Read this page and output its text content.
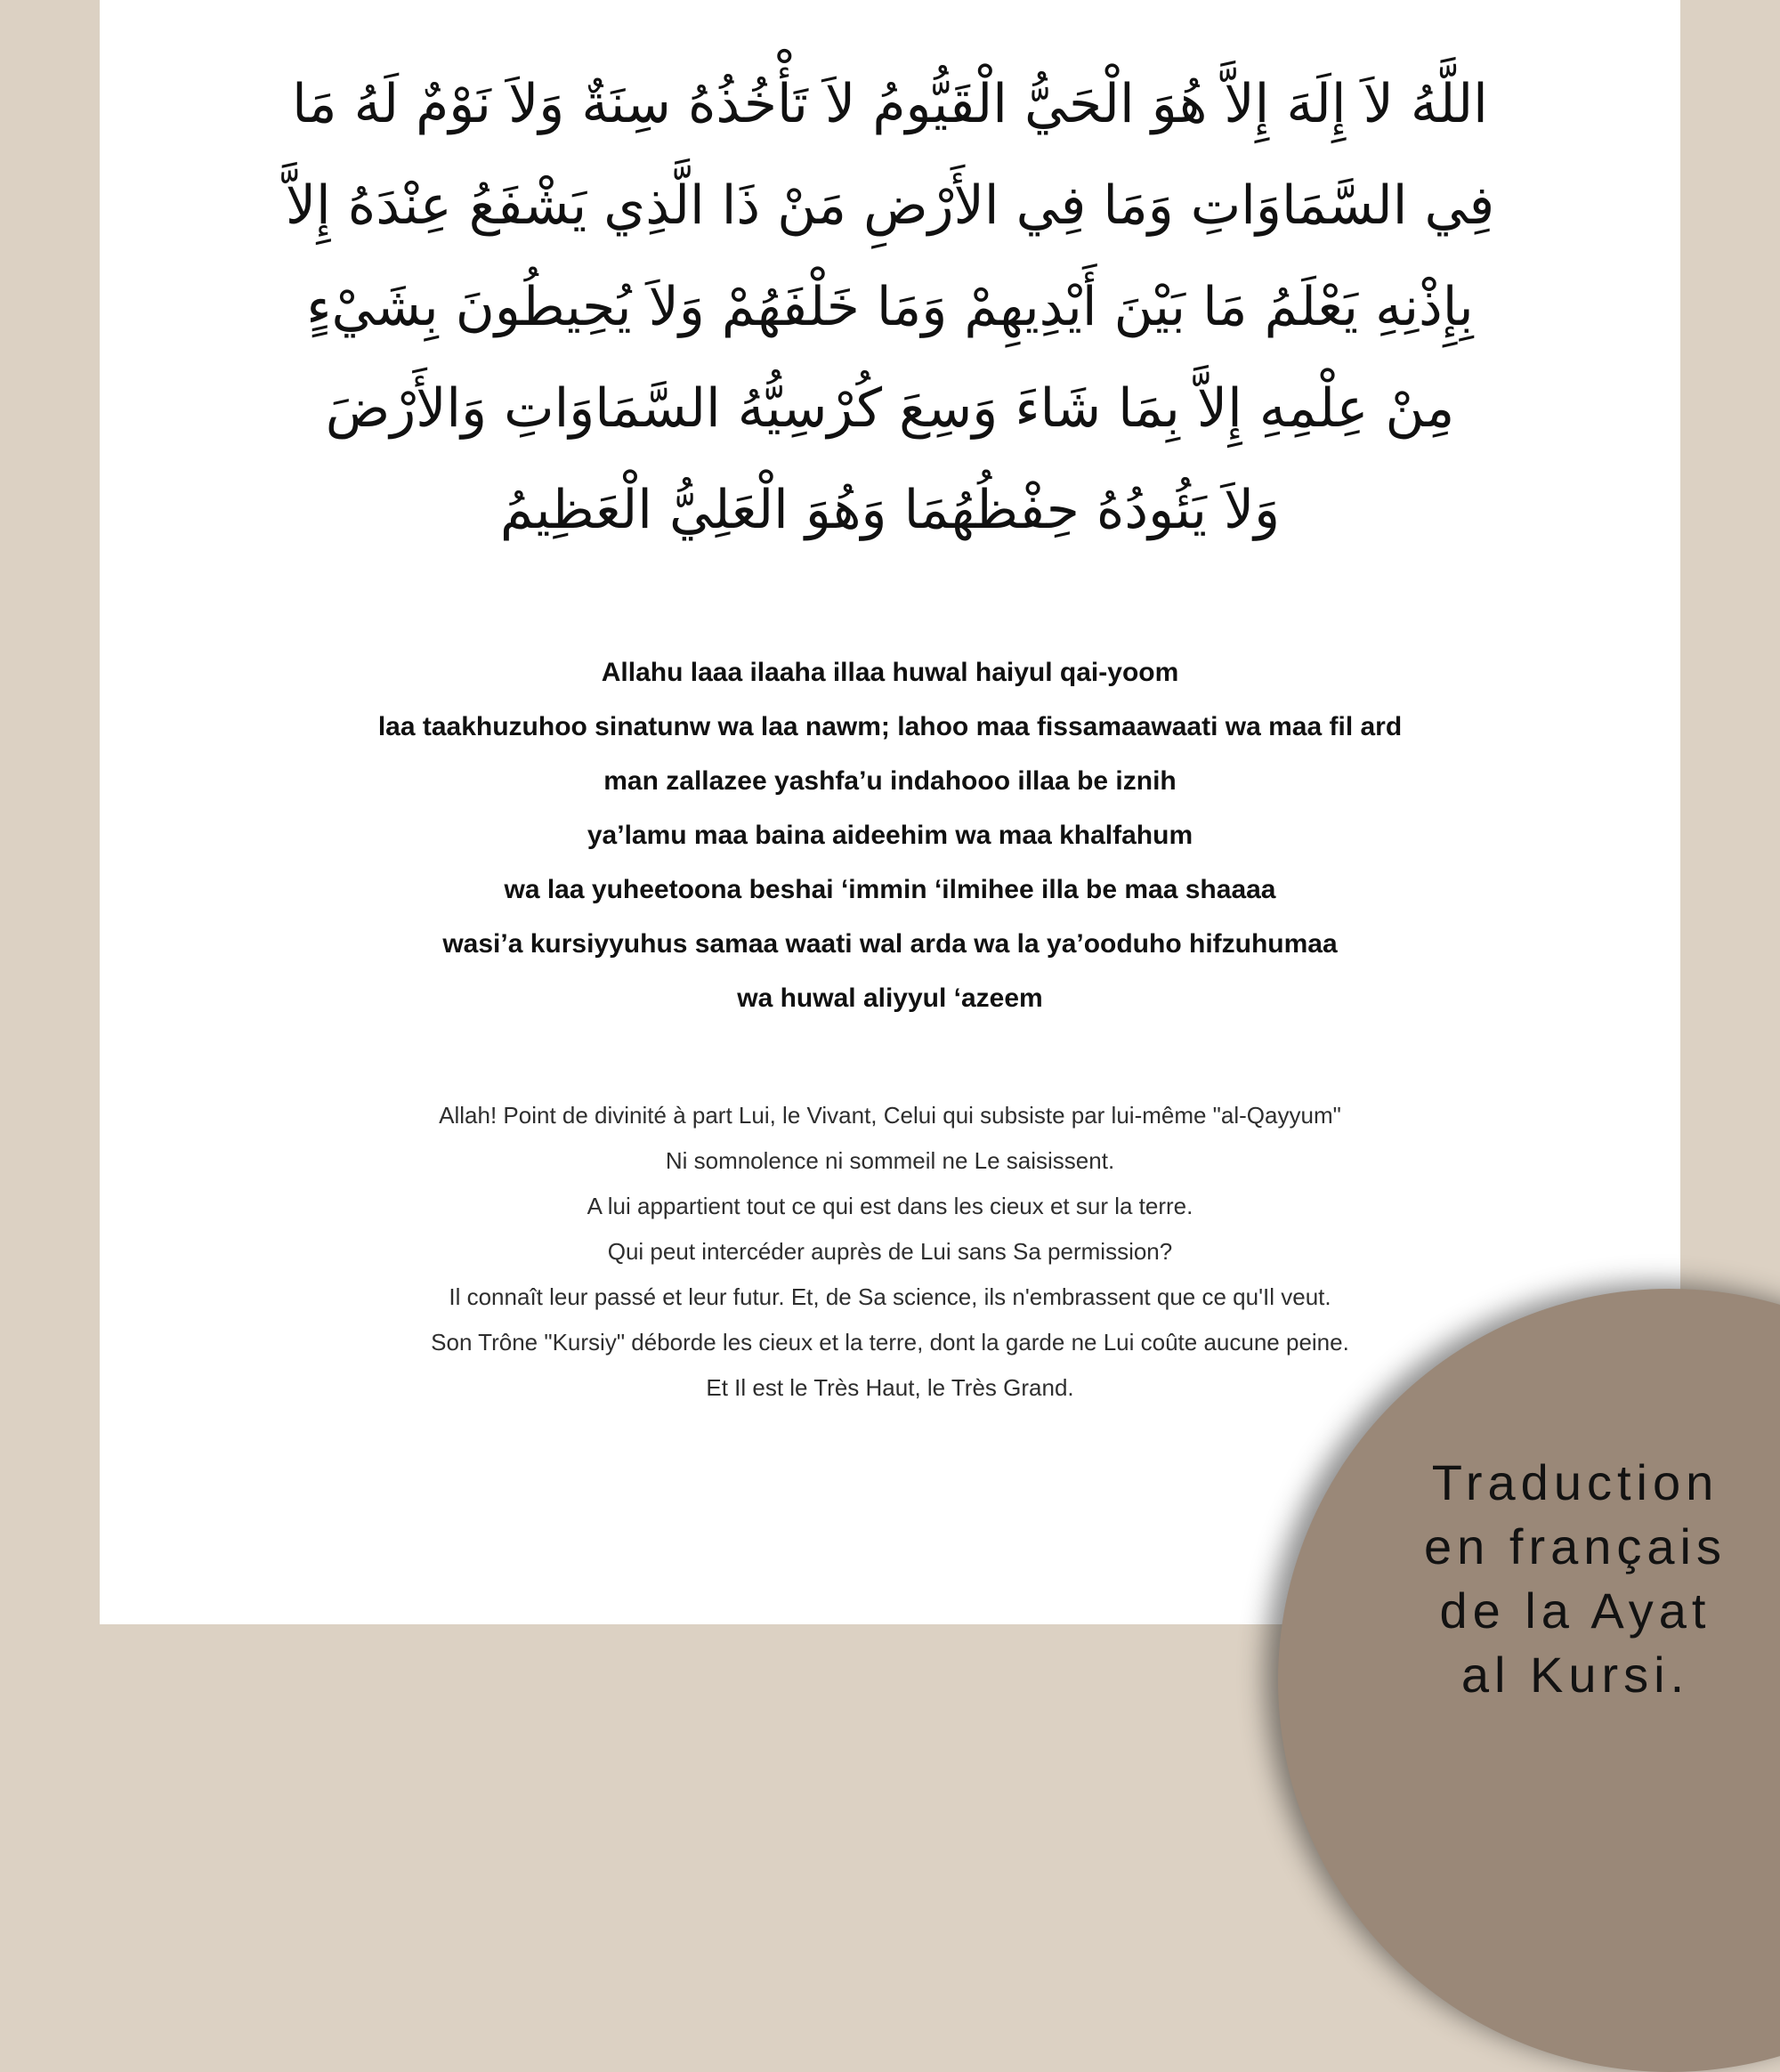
اللَّهُ لاَ إِلَهَ إِلاَّ هُوَ الْحَيُّ الْقَيُّومُ لاَ تَأْخُذُهُ سِنَةٌ وَلاَ نَوْمٌ لَهُ مَا
فِي السَّمَاوَاتِ وَمَا فِي الأَرْضِ مَنْ ذَا الَّذِي يَشْفَعُ عِنْدَهُ إِلاَّ
بِإِذْنِهِ يَعْلَمُ مَا بَيْنَ أَيْدِيهِمْ وَمَا خَلْفَهُمْ وَلاَ يُحِيطُونَ بِشَيْءٍ
مِنْ عِلْمِهِ إِلاَّ بِمَا شَاءَ وَسِعَ كُرْسِيُّهُ السَّمَاوَاتِ وَالأَرْضَ
وَلاَ يَئُودُهُ حِفْظُهُمَا وَهُوَ الْعَلِيُّ الْعَظِيمُ
Allahu laaa ilaaha illaa huwal haiyul qai-yoom
laa taakhuzuhoo sinatunw wa laa nawm; lahoo maa fissamaawaati wa maa fil ard
man zallazee yashfa’u indahooo illaa be iznih
ya’lamu maa baina aideehim wa maa khalfahum
wa laa yuheetoona beshai ‘immin ‘ilmihee illa be maa shaaaa
wasi’a kursiyyuhus samaa waati wal arda wa la ya’ooduho hifzuhumaa
wa huwal aliyyul ‘azeem
Allah! Point de divinité à part Lui, le Vivant, Celui qui subsiste par lui-même "al-Qayyum"
Ni somnolence ni sommeil ne Le saisissent.
A lui appartient tout ce qui est dans les cieux et sur la terre.
Qui peut intercéder auprès de Lui sans Sa permission?
Il connaît leur passé et leur futur. Et, de Sa science, ils n'embrassent que ce qu'Il veut.
Son Trône "Kursiy" déborde les cieux et la terre, dont la garde ne Lui coûte aucune peine.
Et Il est le Très Haut, le Très Grand.
Traduction
en français
de la Ayat
al Kursi.
